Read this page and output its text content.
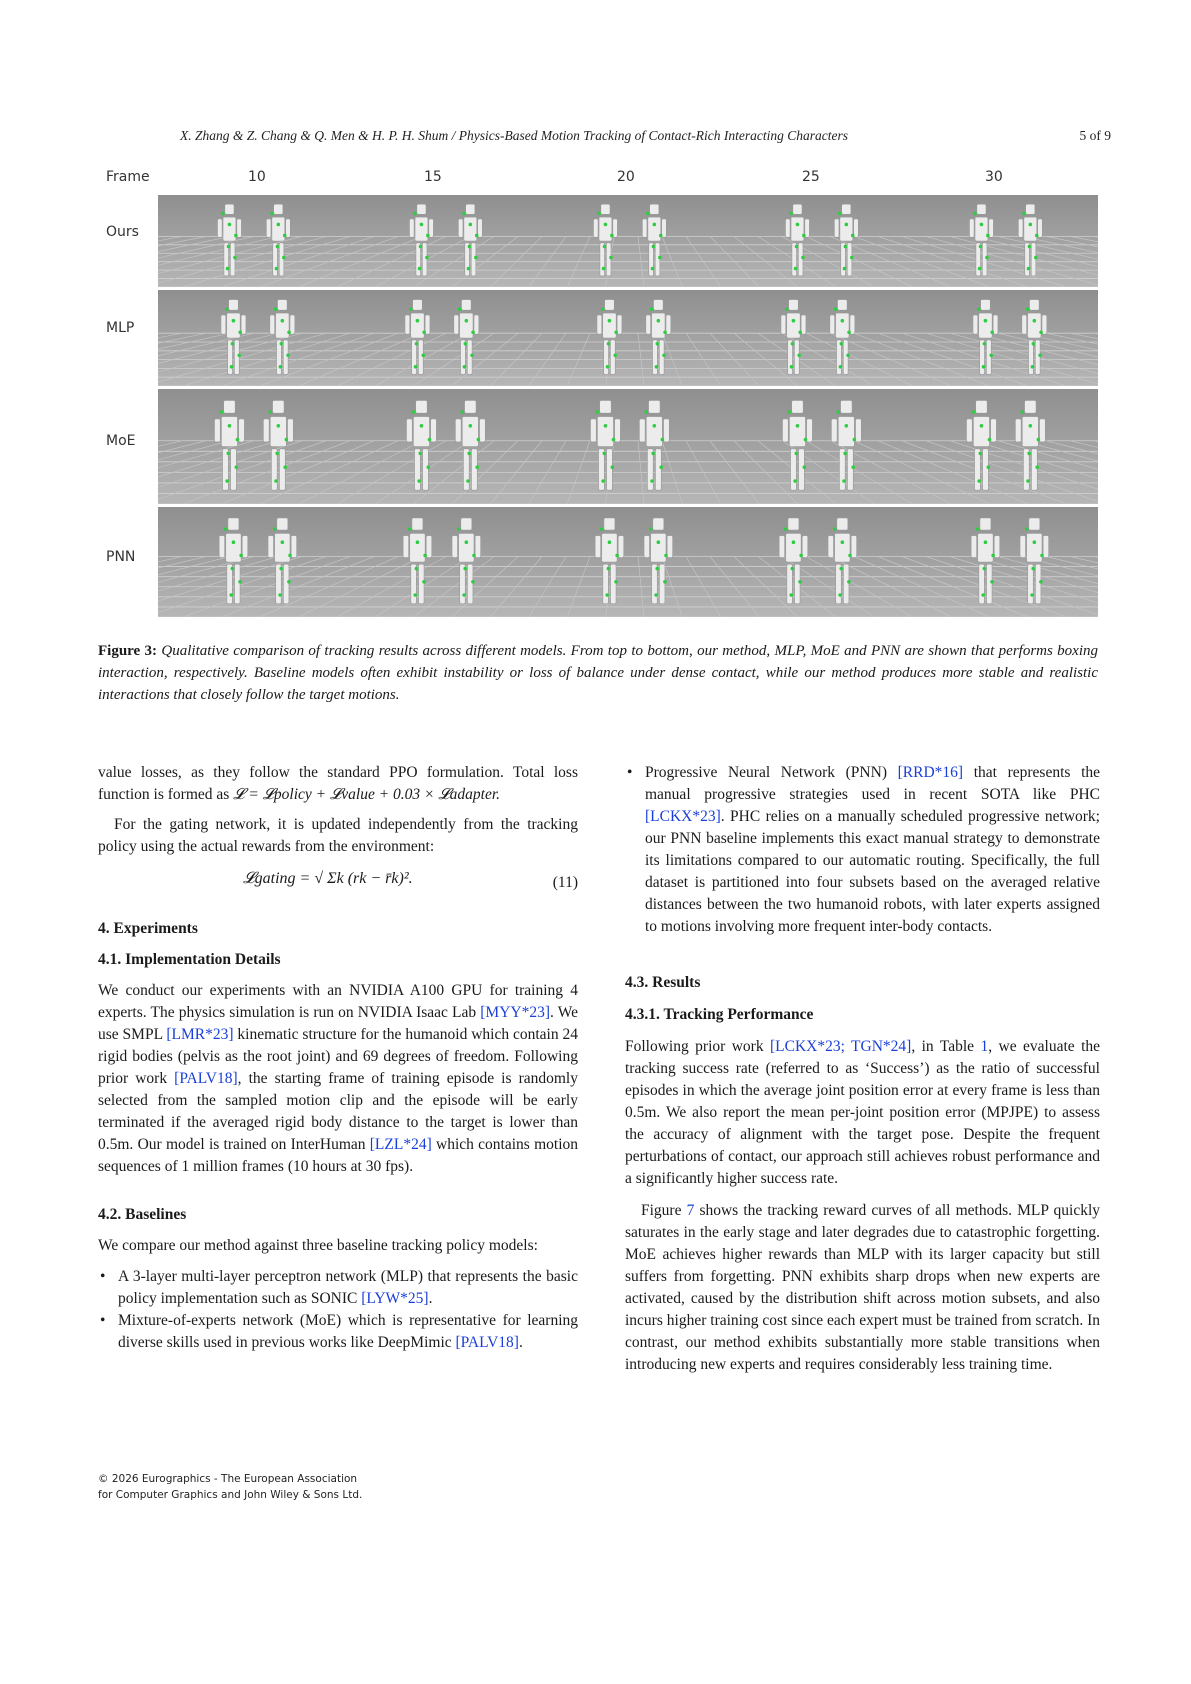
X. Zhang & Z. Chang & Q. Men & H. P. H. Shum / Physics-Based Motion Tracking of Contact-Rich Interacting Characters	5 of 9
Frame	10	15	20	25	30
Ours
MLP
MoE
PNN
Figure 3: Qualitative comparison of tracking results across different models. From top to bottom, our method, MLP, MoE and PNN are shown that performs boxing interaction, respectively. Baseline models often exhibit instability or loss of balance under dense contact, while our method produces more stable and realistic interactions that closely follow the target motions.

value losses, as they follow the standard PPO formulation. Total loss function is formed as 𝓛 = 𝓛policy + 𝓛value + 0.03 × 𝓛adapter.

For the gating network, it is updated independently from the tracking policy using the actual rewards from the environment:

𝓛gating = √ Σk (rk − r̄k)².	(11)
4. Experiments
4.1. Implementation Details

We conduct our experiments with an NVIDIA A100 GPU for training 4 experts. The physics simulation is run on NVIDIA Isaac Lab [MYY*23]. We use SMPL [LMR*23] kinematic structure for the humanoid which contain 24 rigid bodies (pelvis as the root joint) and 69 degrees of freedom. Following prior work [PALV18], the starting frame of training episode is randomly selected from the sampled motion clip and the episode will be early terminated if the averaged rigid body distance to the target is lower than 0.5m. Our model is trained on InterHuman [LZL*24] which contains motion sequences of 1 million frames (10 hours at 30 fps).

4.2. Baselines

We compare our method against three baseline tracking policy models:

• A 3-layer multi-layer perceptron network (MLP) that represents the basic policy implementation such as SONIC [LYW*25].
• Mixture-of-experts network (MoE) which is representative for learning diverse skills used in previous works like DeepMimic [PALV18].
• Progressive Neural Network (PNN) [RRD*16] that represents the manual progressive strategies used in recent SOTA like PHC [LCKX*23]. PHC relies on a manually scheduled progressive network; our PNN baseline implements this exact manual strategy to demonstrate its limitations compared to our automatic routing. Specifically, the full dataset is partitioned into four subsets based on the averaged relative distances between the two humanoid robots, with later experts assigned to motions involving more frequent inter-body contacts.
4.3. Results
4.3.1. Tracking Performance

Following prior work [LCKX*23; TGN*24], in Table 1, we evaluate the tracking success rate (referred to as ‘Success’) as the ratio of successful episodes in which the average joint position error at every frame is less than 0.5m. We also report the mean per-joint position error (MPJPE) to assess the accuracy of alignment with the target pose. Despite the frequent perturbations of contact, our approach still achieves robust performance and a significantly higher success rate.

Figure 7 shows the tracking reward curves of all methods. MLP quickly saturates in the early stage and later degrades due to catastrophic forgetting. MoE achieves higher rewards than MLP with its larger capacity but still suffers from forgetting. PNN exhibits sharp drops when new experts are activated, caused by the distribution shift across motion subsets, and also incurs higher training cost since each expert must be trained from scratch. In contrast, our method exhibits substantially more stable transitions when introducing new experts and requires considerably less training time.

© 2026 Eurographics - The European Association
for Computer Graphics and John Wiley & Sons Ltd.
